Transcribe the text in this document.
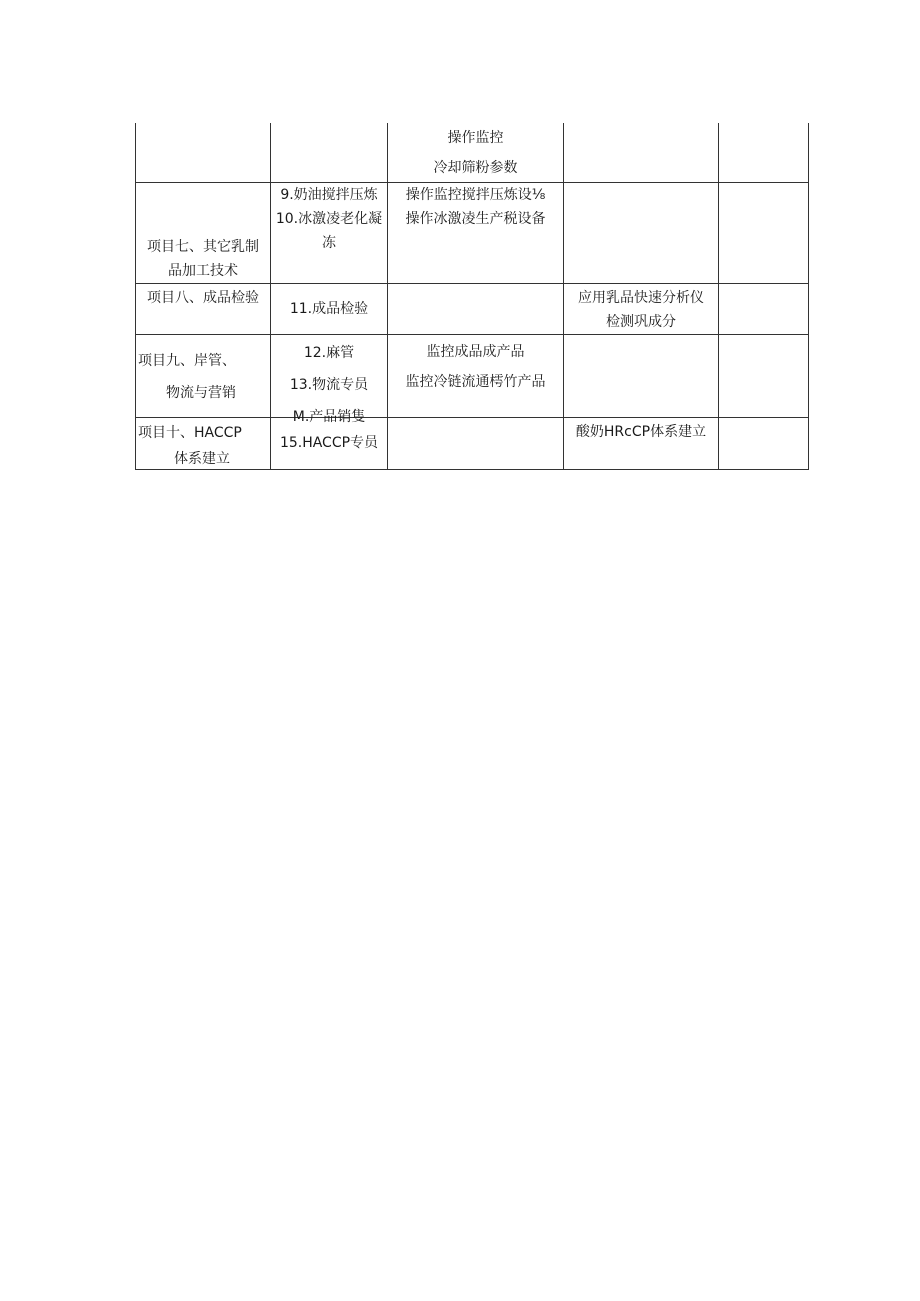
		操作监控
冷却筛粉参数		

项目七、其它乳制
品加工技术	9.奶油搅拌压炼
10.冰激凌老化凝
冻	操作监控搅拌压炼设⅛
操作冰激凌生产税设备		

项目八、成品检验	11.成品检验		应用乳品快速分析仪
检测巩成分	

项目九、岸管、
物流与营销	12.麻管
13.物流专员
M.产品销隻	监控成品成产品
监控冷链流通樗竹产品		

项目十、HACCP
体系建立	15.HACCP专员		酸奶HRcCP体系建立	
